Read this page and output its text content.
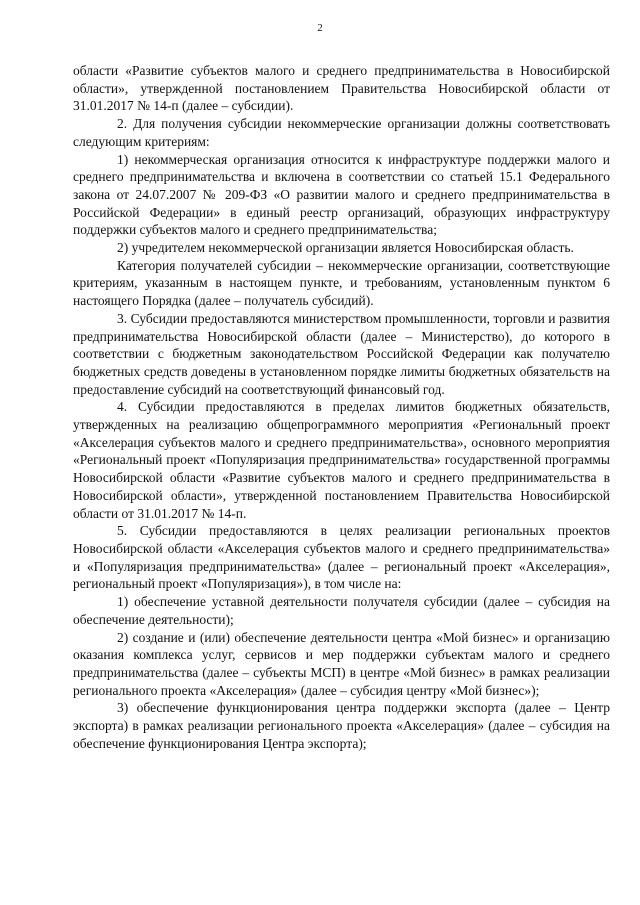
2

области «Развитие субъектов малого и среднего предпринимательства в Новосибирской области», утвержденной постановлением Правительства Новосибирской области от 31.01.2017 № 14-п (далее – субсидии).

2. Для получения субсидии некоммерческие организации должны соответствовать следующим критериям:

1) некоммерческая организация относится к инфраструктуре поддержки малого и среднего предпринимательства и включена в соответствии со статьей 15.1 Федерального закона от 24.07.2007 № 209-ФЗ «О развитии малого и среднего предпринимательства в Российской Федерации» в единый реестр организаций, образующих инфраструктуру поддержки субъектов малого и среднего предпринимательства;

2) учредителем некоммерческой организации является Новосибирская область.

Категория получателей субсидии – некоммерческие организации, соответствующие критериям, указанным в настоящем пункте, и требованиям, установленным пунктом 6 настоящего Порядка (далее – получатель субсидий).

3. Субсидии предоставляются министерством промышленности, торговли и развития предпринимательства Новосибирской области (далее – Министерство), до которого в соответствии с бюджетным законодательством Российской Федерации как получателю бюджетных средств доведены в установленном порядке лимиты бюджетных обязательств на предоставление субсидий на соответствующий финансовый год.

4. Субсидии предоставляются в пределах лимитов бюджетных обязательств, утвержденных на реализацию общепрограммного мероприятия «Региональный проект «Акселерация субъектов малого и среднего предпринимательства», основного мероприятия «Региональный проект «Популяризация предпринимательства» государственной программы Новосибирской области «Развитие субъектов малого и среднего предпринимательства в Новосибирской области», утвержденной постановлением Правительства Новосибирской области от 31.01.2017 № 14-п.

5. Субсидии предоставляются в целях реализации региональных проектов Новосибирской области «Акселерация субъектов малого и среднего предпринимательства» и «Популяризация предпринимательства» (далее – региональный проект «Акселерация», региональный проект «Популяризация»), в том числе на:

1) обеспечение уставной деятельности получателя субсидии (далее – субсидия на обеспечение деятельности);

2) создание и (или) обеспечение деятельности центра «Мой бизнес» и организацию оказания комплекса услуг, сервисов и мер поддержки субъектам малого и среднего предпринимательства (далее – субъекты МСП) в центре «Мой бизнес» в рамках реализации регионального проекта «Акселерация» (далее – субсидия центру «Мой бизнес»);

3) обеспечение функционирования центра поддержки экспорта (далее – Центр экспорта) в рамках реализации регионального проекта «Акселерация» (далее – субсидия на обеспечение функционирования Центра экспорта);
